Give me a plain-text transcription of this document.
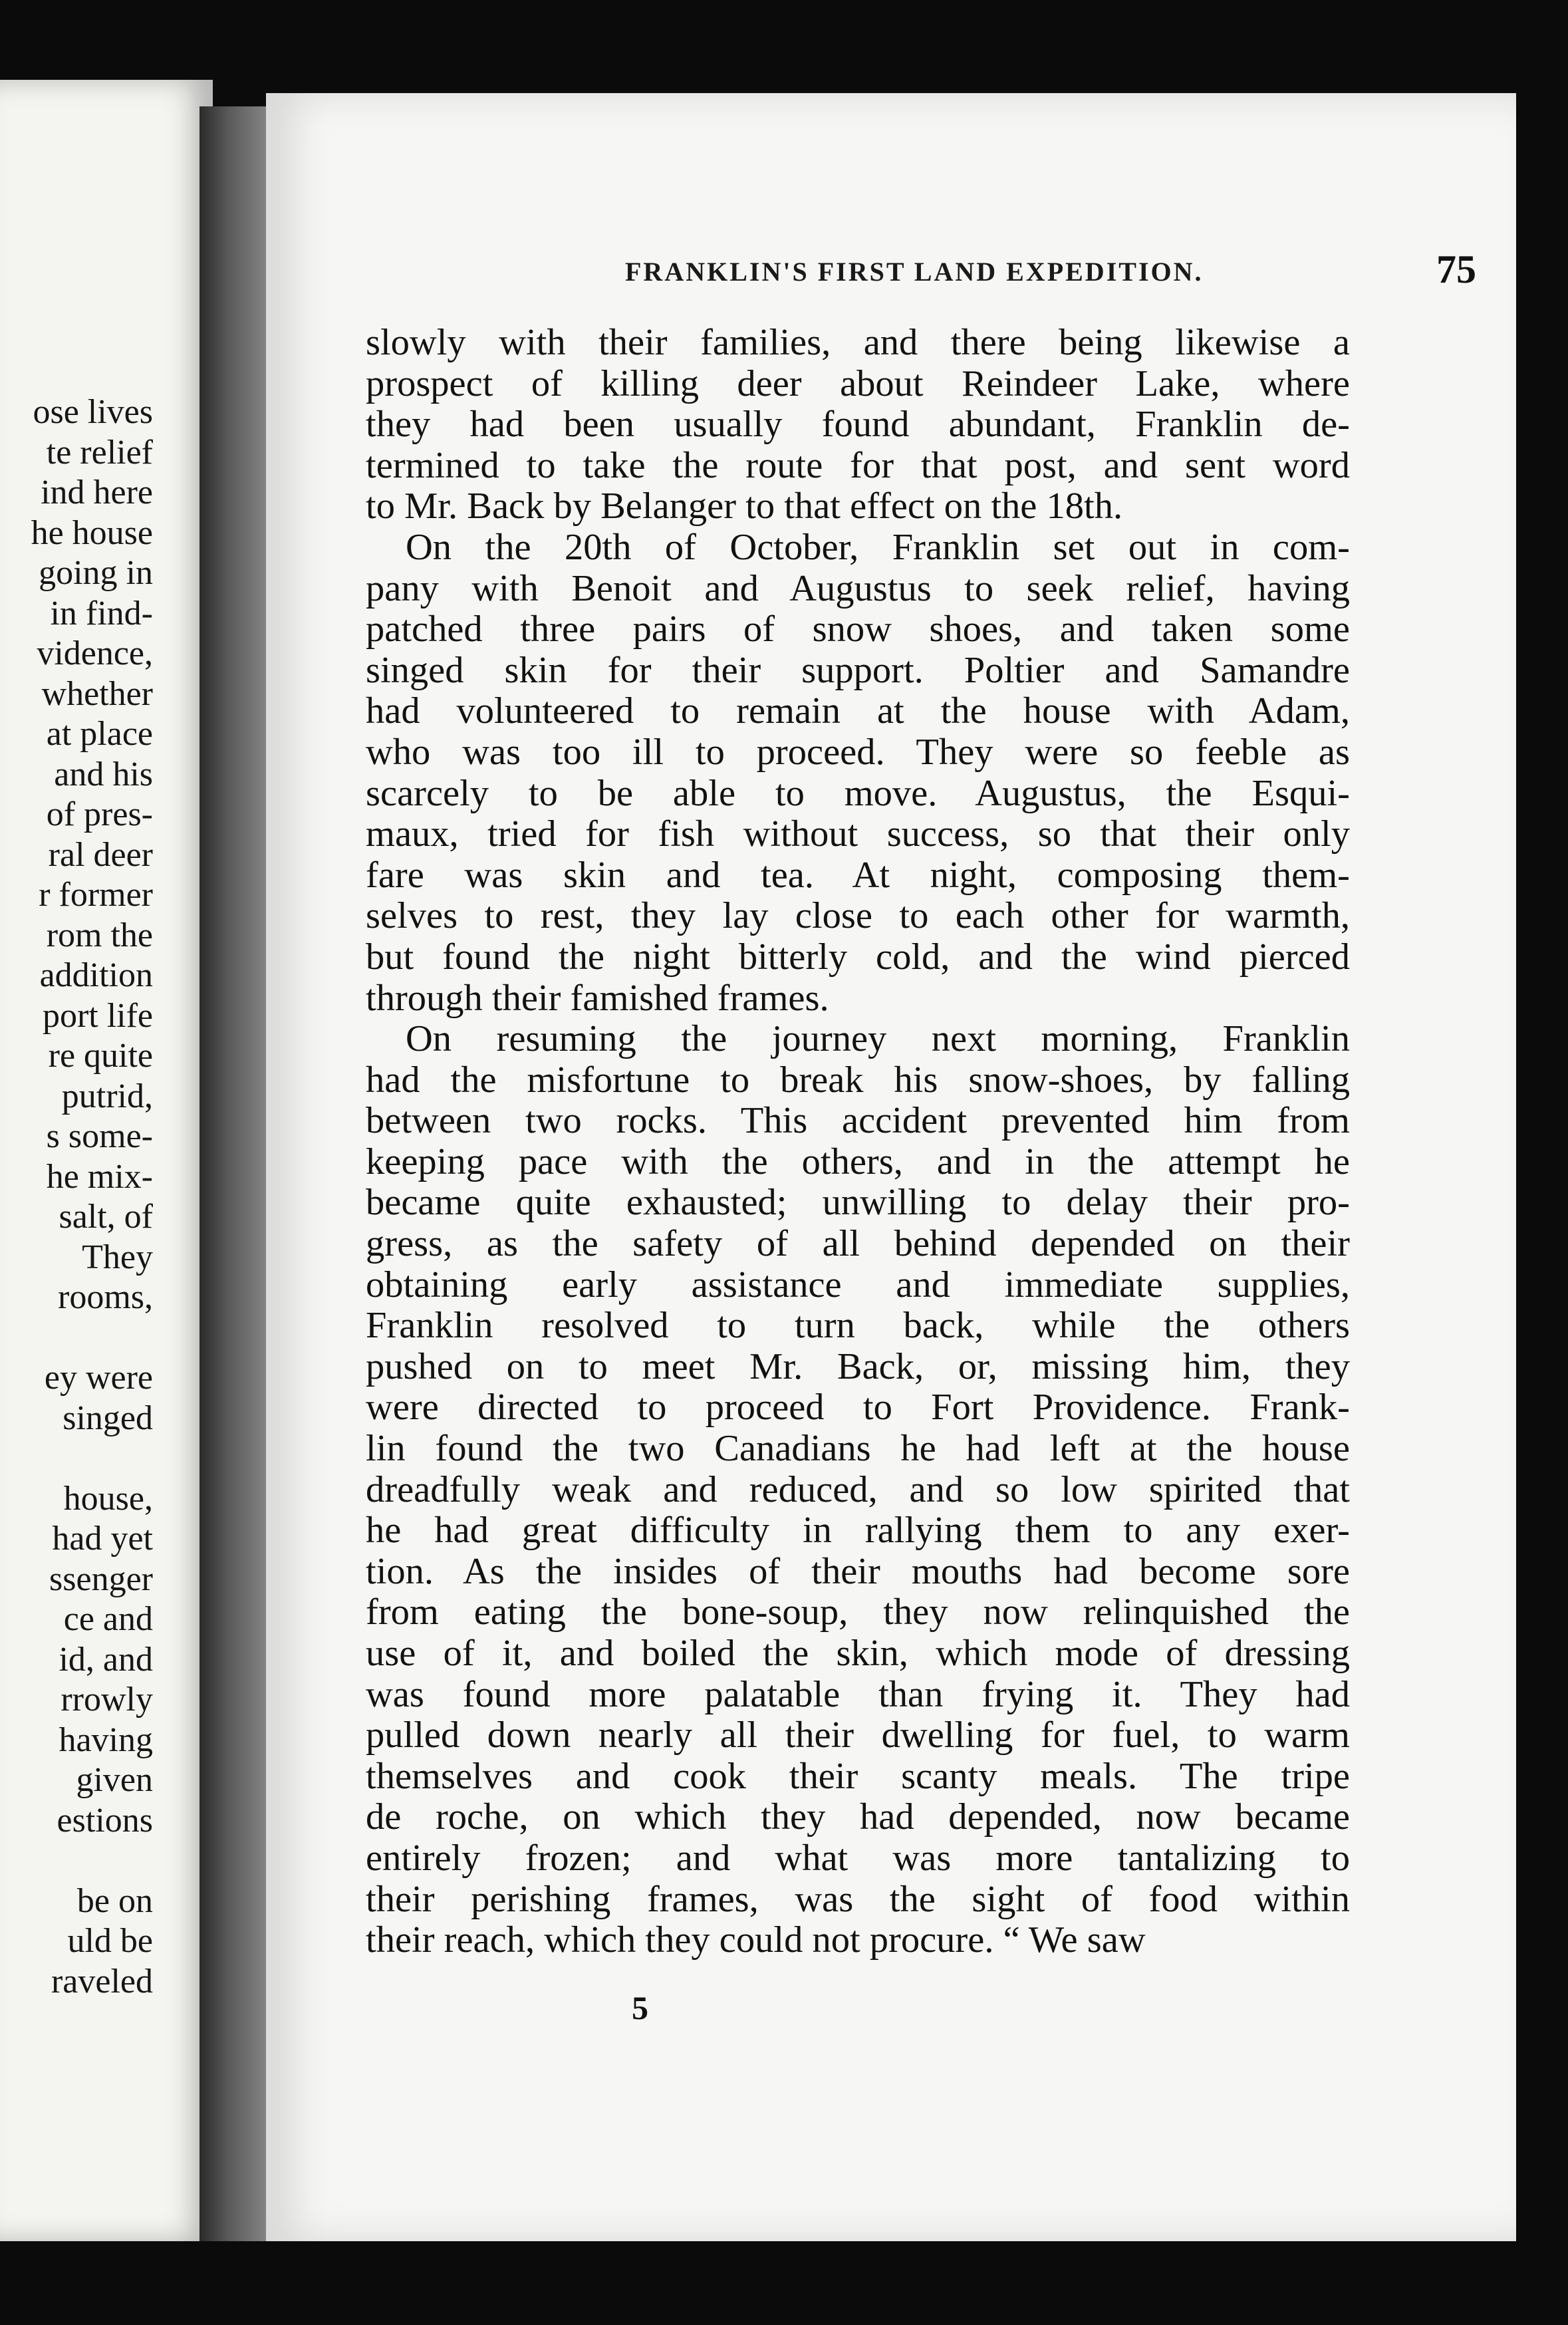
ose lives
te relief
ind here
he house
going in
in find-
vidence,
whether
at place
and his
of pres-
ral deer
r former
rom the
addition
port life
re quite
putrid,
s some-
he mix-
salt, of
They
rooms,
ey were
singed
house,
had yet
ssenger
ce and
id, and
rrowly
having
given
estions
be on
uld be
raveled
FRANKLIN'S FIRST LAND EXPEDITION.	75
slowly with their families, and there being likewise a
prospect of killing deer about Reindeer Lake, where
they had been usually found abundant, Franklin de-
termined to take the route for that post, and sent word
to Mr. Back by Belanger to that effect on the 18th.
On the 20th of October, Franklin set out in com-
pany with Benoit and Augustus to seek relief, having
patched three pairs of snow shoes, and taken some
singed skin for their support. Poltier and Samandre
had volunteered to remain at the house with Adam,
who was too ill to proceed. They were so feeble as
scarcely to be able to move. Augustus, the Esqui-
maux, tried for fish without success, so that their only
fare was skin and tea. At night, composing them-
selves to rest, they lay close to each other for warmth,
but found the night bitterly cold, and the wind pierced
through their famished frames.
On resuming the journey next morning, Franklin
had the misfortune to break his snow-shoes, by falling
between two rocks. This accident prevented him from
keeping pace with the others, and in the attempt he
became quite exhausted; unwilling to delay their pro-
gress, as the safety of all behind depended on their
obtaining early assistance and immediate supplies,
Franklin resolved to turn back, while the others
pushed on to meet Mr. Back, or, missing him, they
were directed to proceed to Fort Providence. Frank-
lin found the two Canadians he had left at the house
dreadfully weak and reduced, and so low spirited that
he had great difficulty in rallying them to any exer-
tion. As the insides of their mouths had become sore
from eating the bone-soup, they now relinquished the
use of it, and boiled the skin, which mode of dressing
was found more palatable than frying it. They had
pulled down nearly all their dwelling for fuel, to warm
themselves and cook their scanty meals. The tripe
de roche, on which they had depended, now became
entirely frozen; and what was more tantalizing to
their perishing frames, was the sight of food within
their reach, which they could not procure. “ We saw
5
